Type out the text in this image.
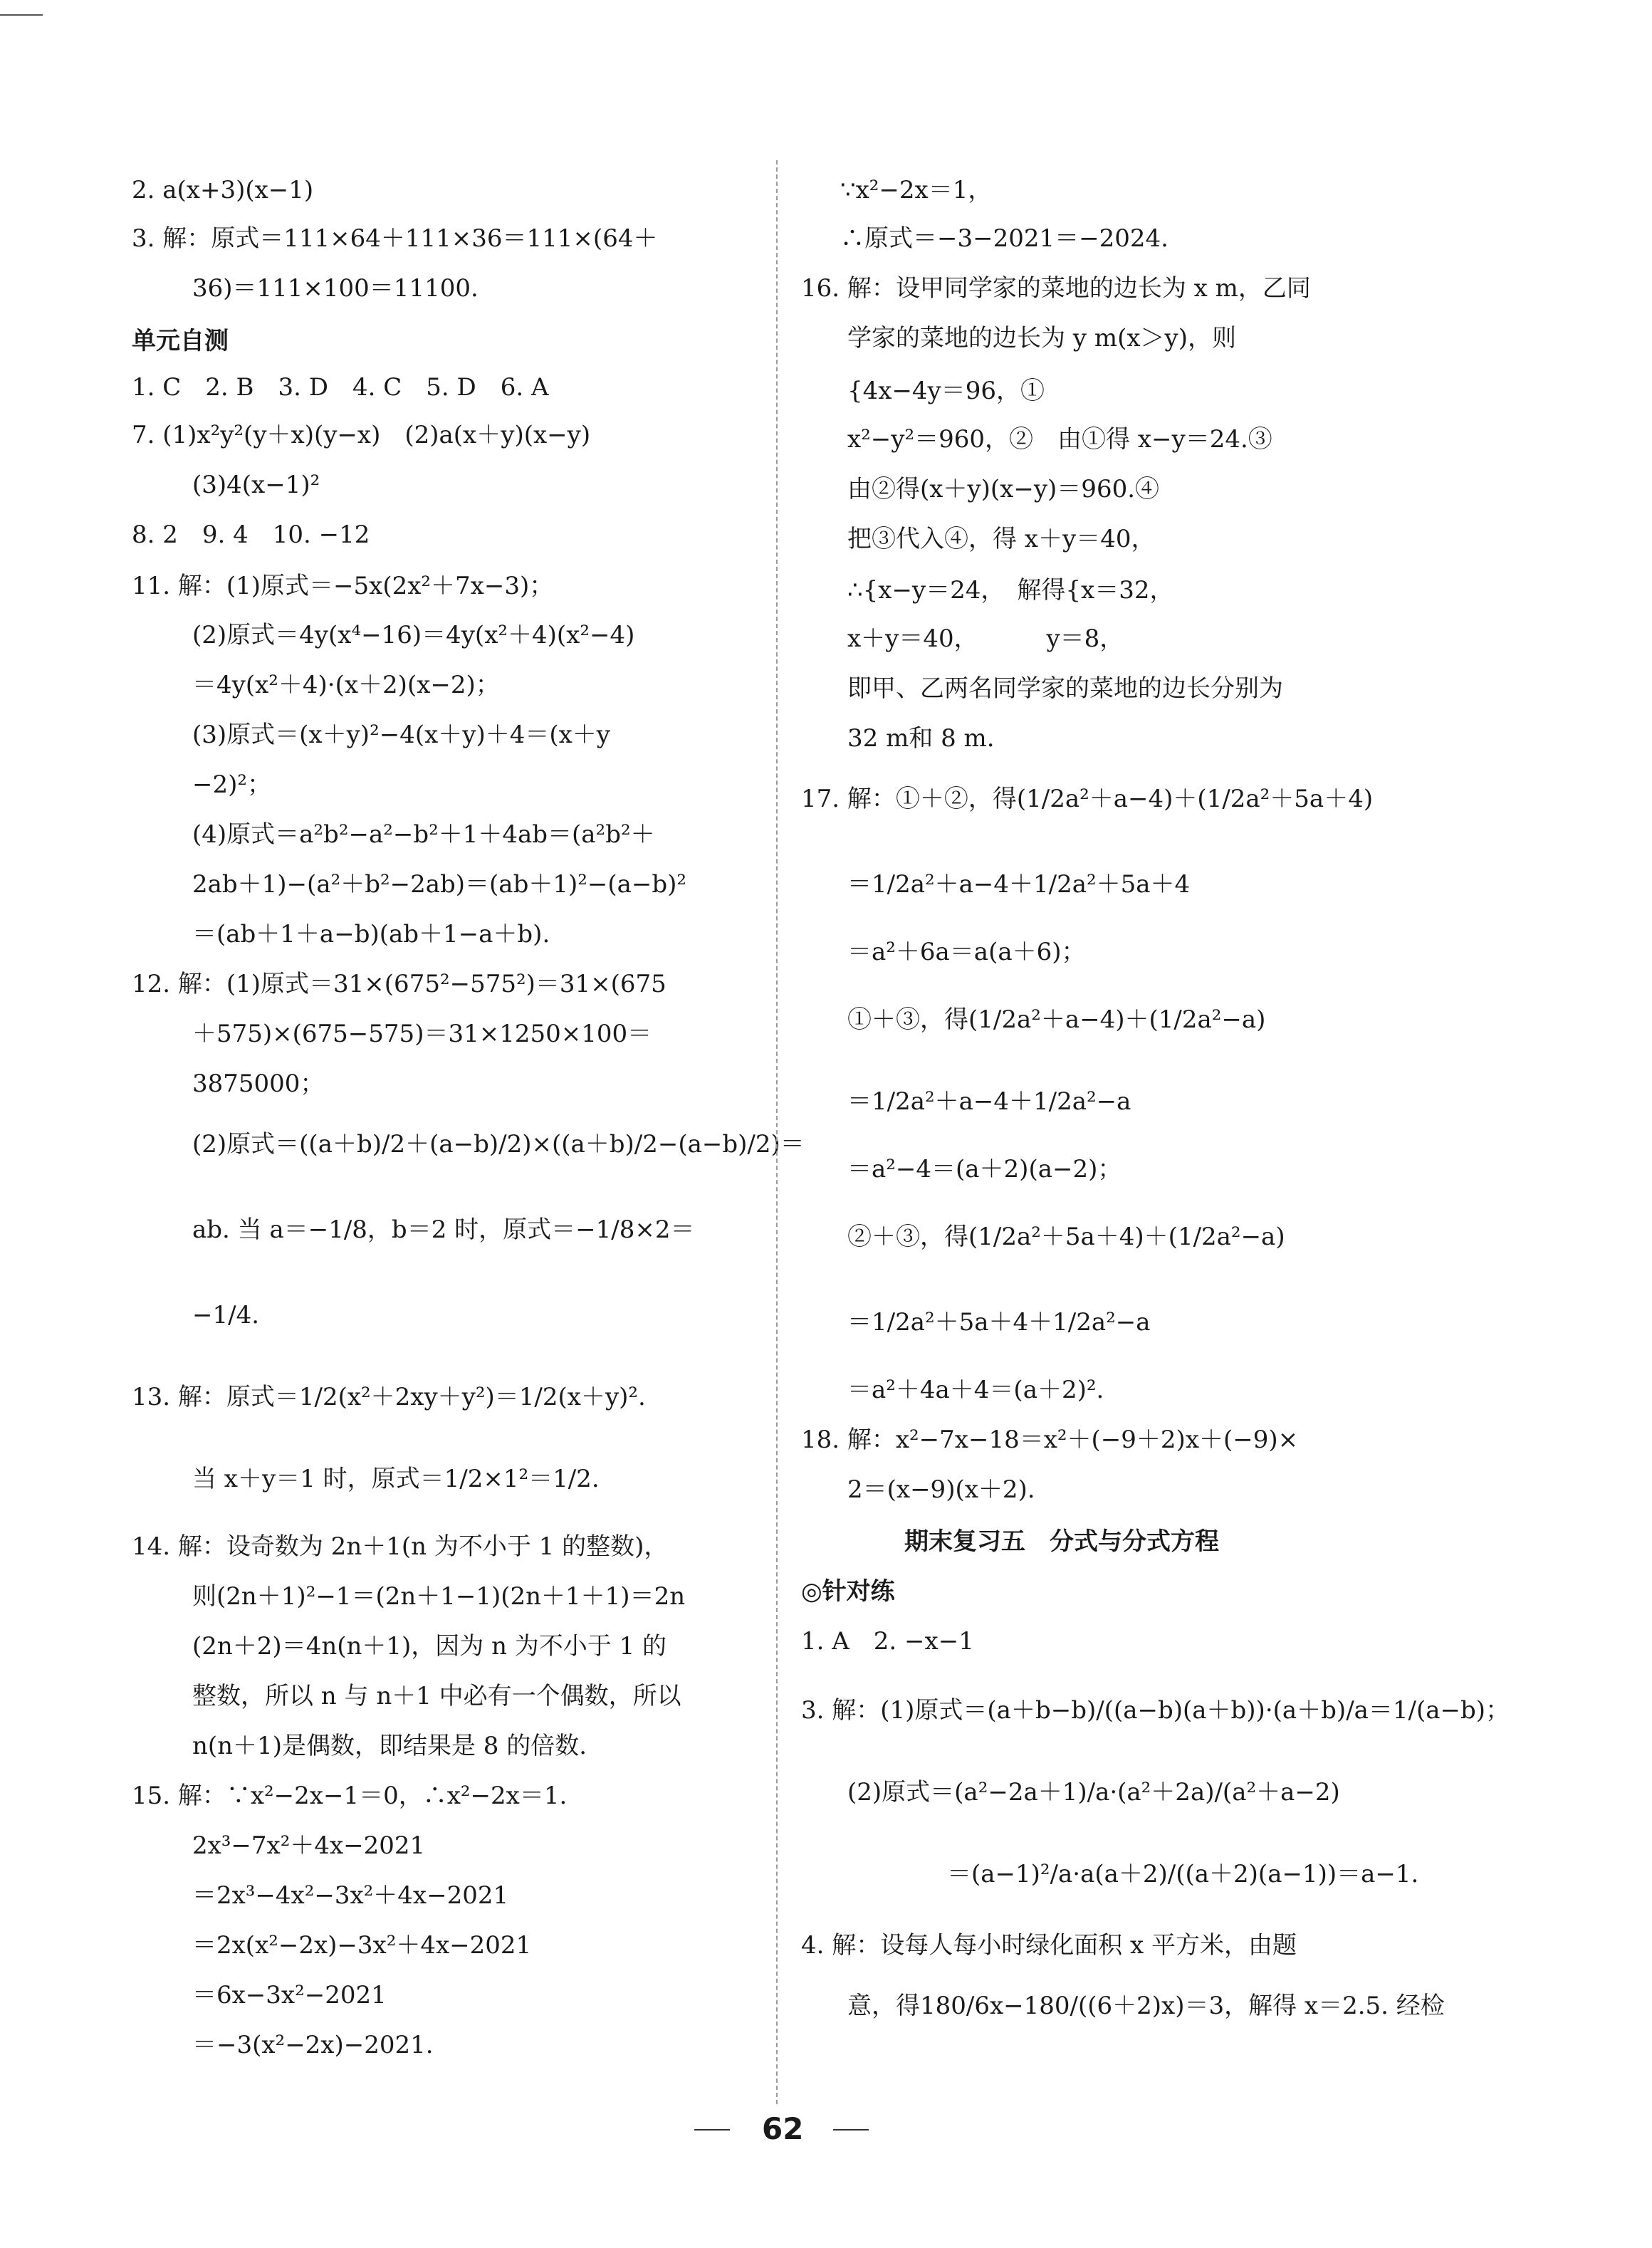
2. a(x+3)(x−1)
3. 解：原式＝111×64＋111×36＝111×(64＋
36)＝111×100＝11100.
单元自测
1. C　2. B　3. D　4. C　5. D　6. A
7. (1)x²y²(y＋x)(y−x)　(2)a(x＋y)(x−y)
(3)4(x−1)²
8. 2　9. 4　10. −12
11. 解：(1)原式＝−5x(2x²＋7x−3)；
(2)原式＝4y(x⁴−16)＝4y(x²＋4)(x²−4)
＝4y(x²＋4)·(x＋2)(x−2)；
(3)原式＝(x＋y)²−4(x＋y)＋4＝(x＋y
−2)²；
(4)原式＝a²b²−a²−b²＋1＋4ab＝(a²b²＋
2ab＋1)−(a²＋b²−2ab)＝(ab＋1)²−(a−b)²
＝(ab＋1＋a−b)(ab＋1−a＋b).
12. 解：(1)原式＝31×(675²−575²)＝31×(675
＋575)×(675−575)＝31×1250×100＝
3875000；
(2)原式＝((a＋b)/2＋(a−b)/2)×((a＋b)/2−(a−b)/2)＝
ab. 当 a＝−1/8，b＝2 时，原式＝−1/8×2＝
−1/4.
13. 解：原式＝1/2(x²＋2xy＋y²)＝1/2(x＋y)².
当 x＋y＝1 时，原式＝1/2×1²＝1/2.
14. 解：设奇数为 2n＋1(n 为不小于 1 的整数)，
则(2n＋1)²−1＝(2n＋1−1)(2n＋1＋1)＝2n
(2n＋2)＝4n(n＋1)，因为 n 为不小于 1 的
整数，所以 n 与 n＋1 中必有一个偶数，所以
n(n＋1)是偶数，即结果是 8 的倍数.
15. 解：∵x²−2x−1＝0，∴x²−2x＝1.
2x³−7x²＋4x−2021
＝2x³−4x²−3x²＋4x−2021
＝2x(x²−2x)−3x²＋4x−2021
＝6x−3x²−2021
＝−3(x²−2x)−2021.
∵x²−2x＝1，
∴原式＝−3−2021＝−2024.
16. 解：设甲同学家的菜地的边长为 x m，乙同
学家的菜地的边长为 y m(x＞y)，则
{4x−4y＝96，①
x²−y²＝960，②　由①得 x−y＝24.③
由②得(x＋y)(x−y)＝960.④
把③代入④，得 x＋y＝40，
∴{x−y＝24，　解得{x＝32，
x＋y＝40，　　　 y＝8，
即甲、乙两名同学家的菜地的边长分别为
32 m和 8 m.
17. 解：①＋②，得(1/2a²＋a−4)＋(1/2a²＋5a＋4)
＝1/2a²＋a−4＋1/2a²＋5a＋4
＝a²＋6a＝a(a＋6)；
①＋③，得(1/2a²＋a−4)＋(1/2a²−a)
＝1/2a²＋a−4＋1/2a²−a
＝a²−4＝(a＋2)(a−2)；
②＋③，得(1/2a²＋5a＋4)＋(1/2a²−a)
＝1/2a²＋5a＋4＋1/2a²−a
＝a²＋4a＋4＝(a＋2)².
18. 解：x²−7x−18＝x²＋(−9＋2)x＋(−9)×
2＝(x−9)(x＋2).
期末复习五　分式与分式方程
◎针对练
1. A　2. −x−1
3. 解：(1)原式＝(a＋b−b)/((a−b)(a＋b))·(a＋b)/a＝1/(a−b)；
(2)原式＝(a²−2a＋1)/a·(a²＋2a)/(a²＋a−2)
＝(a−1)²/a·a(a＋2)/((a＋2)(a−1))＝a−1.
4. 解：设每人每小时绿化面积 x 平方米，由题
意，得180/6x−180/((6＋2)x)＝3，解得 x＝2.5. 经检
62
